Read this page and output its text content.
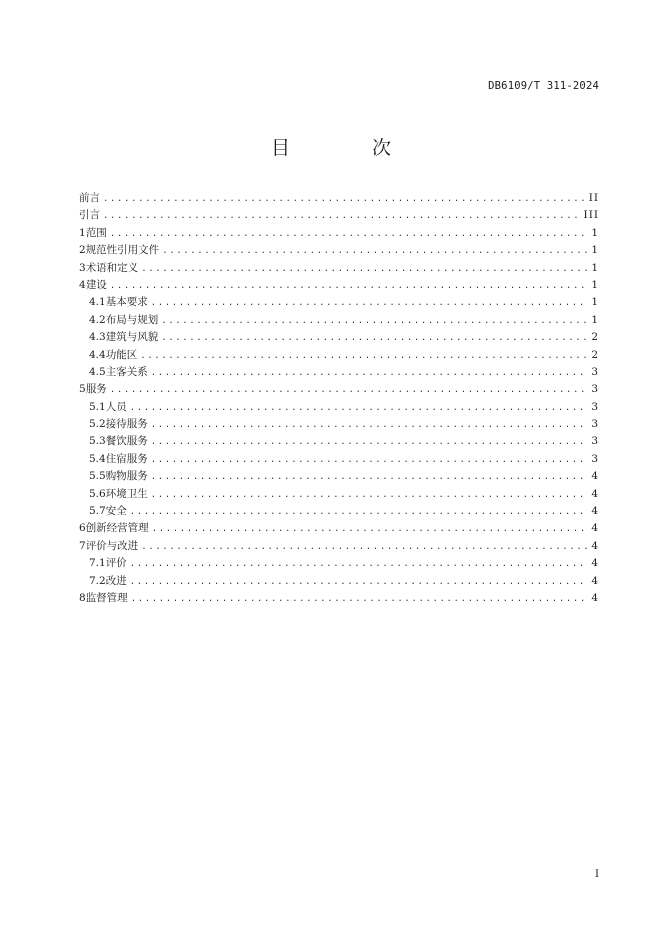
DB6109/T 311-2024
目 次
前言 .....	II
引言 .....	III
1 范围 .....	1
2 规范性引用文件 .....	1
3 术语和定义 .....	1
4 建设 .....	1
4.1 基本要求 .....	1
4.2 布局与规划 .....	1
4.3 建筑与风貌 .....	2
4.4 功能区 .....	2
4.5 主客关系 .....	3
5 服务 .....	3
5.1 人员 .....	3
5.2 接待服务 .....	3
5.3 餐饮服务 .....	3
5.4 住宿服务 .....	3
5.5 购物服务 .....	4
5.6 环境卫生 .....	4
5.7 安全 .....	4
6 创新经营管理 .....	4
7 评价与改进 .....	4
7.1 评价 .....	4
7.2 改进 .....	4
8 监督管理 .....	4
I
